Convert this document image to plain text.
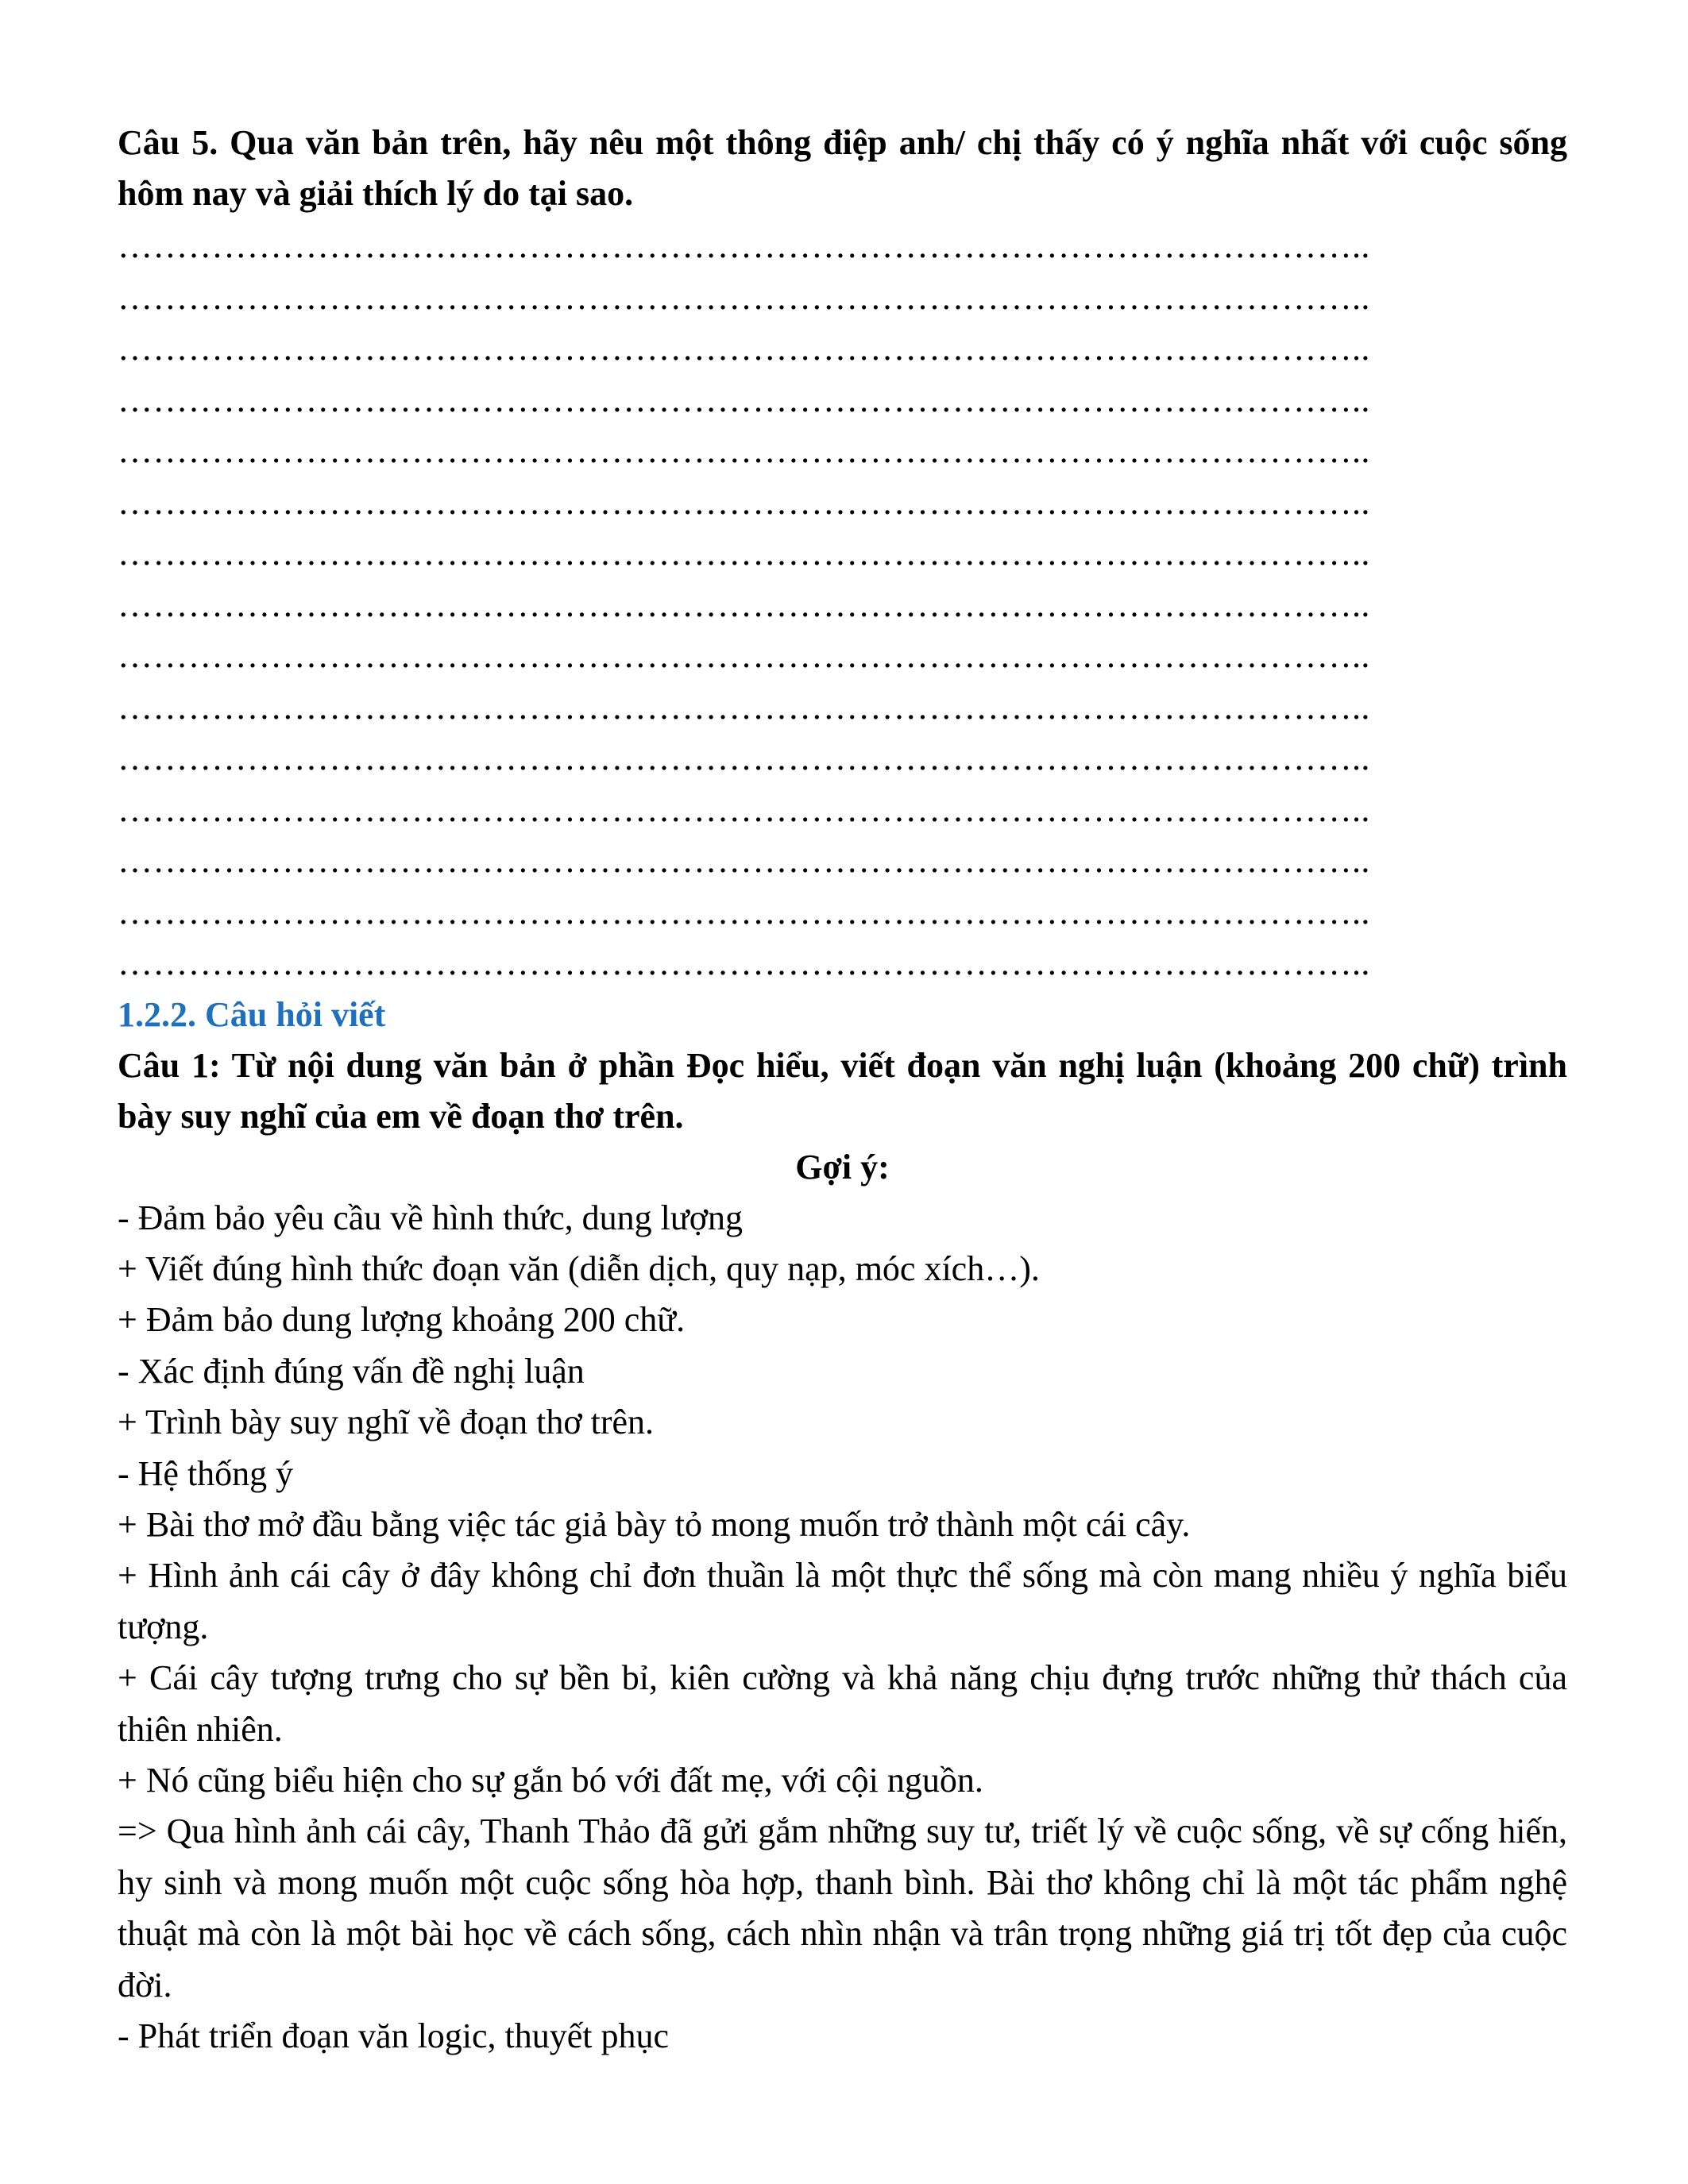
Câu 5. Qua văn bản trên, hãy nêu một thông điệp anh/ chị thấy có ý nghĩa nhất với cuộc sống hôm nay và giải thích lý do tại sao.

……………………………………………………………………………………………..
……………………………………………………………………………………………..
……………………………………………………………………………………………..
……………………………………………………………………………………………..
……………………………………………………………………………………………..
……………………………………………………………………………………………..
……………………………………………………………………………………………..
……………………………………………………………………………………………..
……………………………………………………………………………………………..
……………………………………………………………………………………………..
……………………………………………………………………………………………..
……………………………………………………………………………………………..
……………………………………………………………………………………………..
……………………………………………………………………………………………..
……………………………………………………………………………………………..

1.2.2. Câu hỏi viết

Câu 1: Từ nội dung văn bản ở phần Đọc hiểu, viết đoạn văn nghị luận (khoảng 200 chữ) trình bày suy nghĩ của em về đoạn thơ trên.

Gợi ý:

- Đảm bảo yêu cầu về hình thức, dung lượng

+ Viết đúng hình thức đoạn văn (diễn dịch, quy nạp, móc xích…).

+ Đảm bảo dung lượng khoảng 200 chữ.

- Xác định đúng vấn đề nghị luận

+ Trình bày suy nghĩ về đoạn thơ trên.

- Hệ thống ý

+ Bài thơ mở đầu bằng việc tác giả bày tỏ mong muốn trở thành một cái cây.

+ Hình ảnh cái cây ở đây không chỉ đơn thuần là một thực thể sống mà còn mang nhiều ý nghĩa biểu tượng.

+ Cái cây tượng trưng cho sự bền bỉ, kiên cường và khả năng chịu đựng trước những thử thách của thiên nhiên.

+ Nó cũng biểu hiện cho sự gắn bó với đất mẹ, với cội nguồn.

=> Qua hình ảnh cái cây, Thanh Thảo đã gửi gắm những suy tư, triết lý về cuộc sống, về sự cống hiến, hy sinh và mong muốn một cuộc sống hòa hợp, thanh bình. Bài thơ không chỉ là một tác phẩm nghệ thuật mà còn là một bài học về cách sống, cách nhìn nhận và trân trọng những giá trị tốt đẹp của cuộc đời.

- Phát triển đoạn văn logic, thuyết phục
